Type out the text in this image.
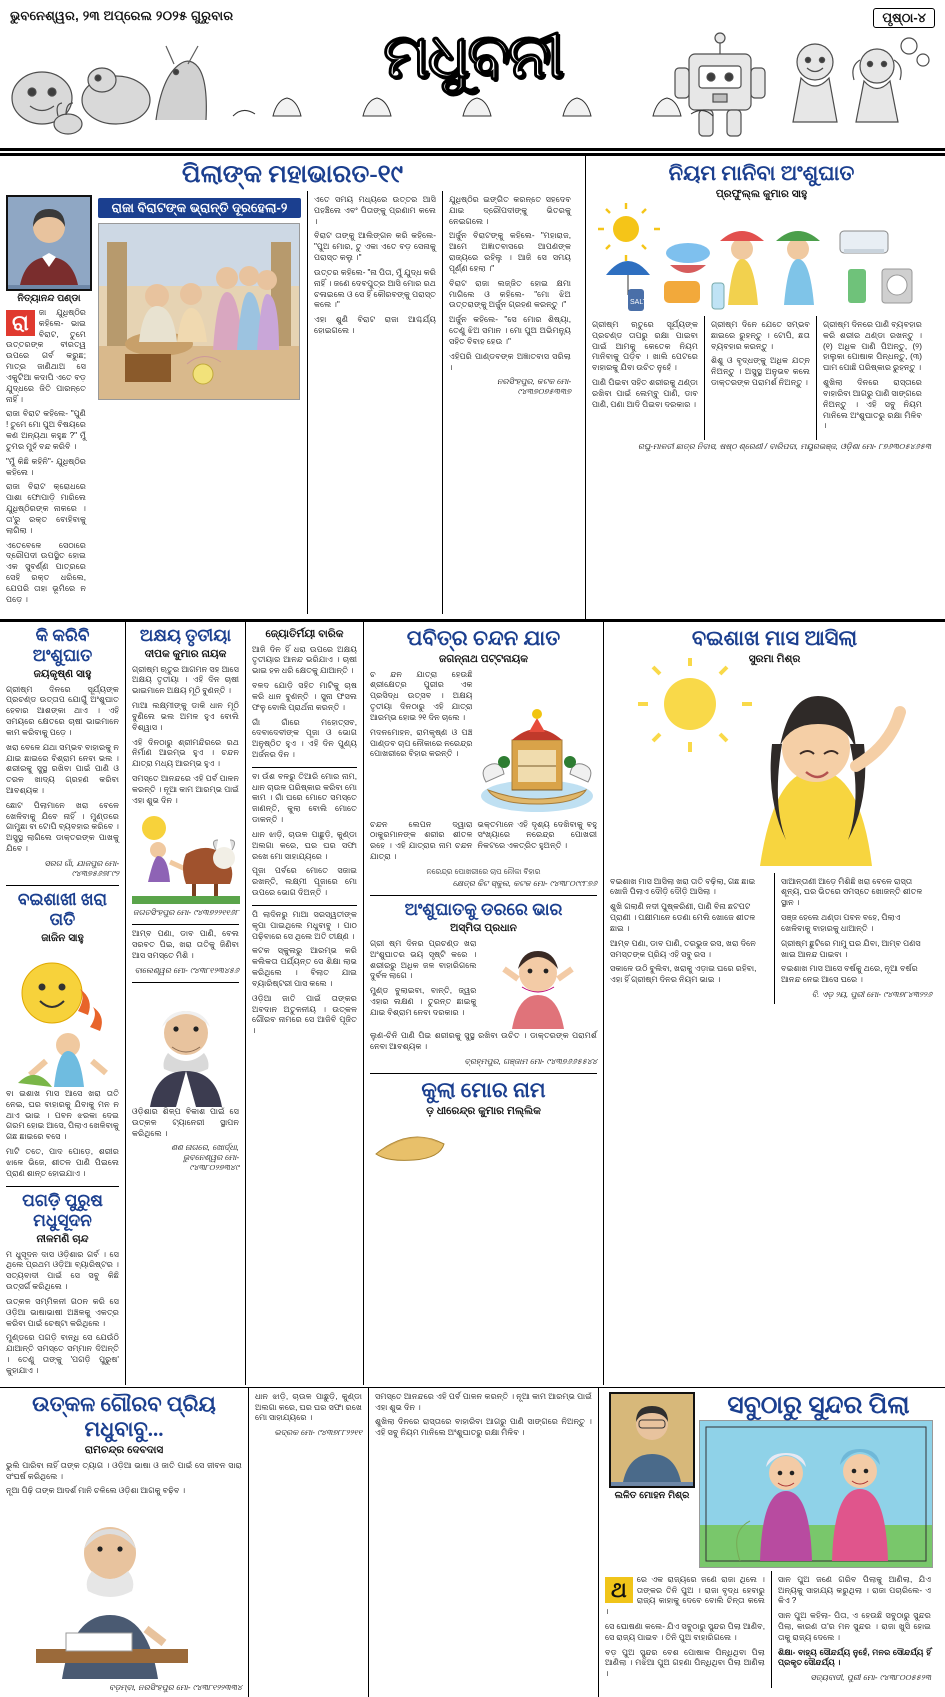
ଭୁବନେଶ୍ୱର, ୨୩ ଅପ୍ରେଲ ୨୦୨୫ ଗୁରୁବାର	ପୃଷ୍ଠା-୪
ମଧୁବନୀ
ପିଲାଙ୍କ ମହାଭାରତ-୧୯
ନିତ୍ୟାନନ୍ଦ ପଣ୍ଡା

ରା	ଜା ଯୁଧିଷ୍ଠିର କହିଲେ- ଭାଇ ବିରାଟ, ତୁମେ ଉତ୍ତରଙ୍କ ବୀରତ୍ୱ ଉପରେ ଗର୍ବ କରୁଛ; ମାତ୍ର ଜାଣିଥାଅ ସେ ଏକୁଟିଆ କଦାପି ଏତେ ବଡ଼ ଯୁଦ୍ଧରେ ଜିତି ପାରନ୍ତେ ନାହିଁ ।

ରାଜା ବିରାଟ କହିଲେ- "ପୁଣି ! ତୁମେ ମୋ ପୁଅ ବିଷୟରେ କଣ ଅନ୍ୟଥା କହୁଛ ?" ମୁଁ ତୁମର ମୁହଁ ବନ୍ଦ କରିବି ।

"ମୁଁ କିଛି କହିନି"- ଯୁଧିଷ୍ଠିର କହିଲେ ।

ରାଜା ବିରାଟ କ୍ରୋଧରେ ପାଶା ଫୋପାଡ଼ି ମାରିଲେ ଯୁଧିଷ୍ଠିରଙ୍କ ନାକରେ । ତା'ରୁ ରକ୍ତ ବୋହିବାକୁ ଲାଗିଲା ।

ଏତେବେଳେ ସେଠାରେ ଦ୍ରୌପଦୀ ଉପସ୍ଥିତ ହୋଇ ଏକ ସୁବର୍ଣ୍ଣ ପାତ୍ରରେ ସେହି ରକ୍ତ ଧରିଲେ, ଯେପରି ତାହା ଭୂମିରେ ନ ପଡ଼େ ।

ରାଜା ବିରାଟଙ୍କ ଭ୍ରାନ୍ତି ଦୂରହେଲା-୨

ଏତେ ସମୟ ମଧ୍ୟରେ ଉତ୍ତର ଆସି ପହଞ୍ଚିଲେ ଏବଂ ପିତାଙ୍କୁ ପ୍ରଣାମ କଲେ ।

ବିରାଟ ତାଙ୍କୁ ଆଲିଙ୍ଗନ କରି କହିଲେ- "ପୁଅ ମୋର, ତୁ ଏକା ଏତେ ବଡ଼ ସେନାକୁ ପରାସ୍ତ କଲୁ ।"

ଉତ୍ତର କହିଲେ- "ନା ପିତା, ମୁଁ ଯୁଦ୍ଧ କରି ନାହିଁ । ଜଣେ ଦେବପୁତ୍ର ଆସି ମୋର ରଥ ଚଳାଇଲେ ଓ ସେ ହିଁ କୌରବଙ୍କୁ ପରାସ୍ତ କଲେ ।"

ଏହା ଶୁଣି ବିରାଟ ରାଜା ଆଶ୍ଚର୍ଯ୍ୟ ହୋଇଗଲେ ।

ଯୁଧିଷ୍ଠିର ଇଙ୍ଗିତ କରନ୍ତେ ସହଦେବ ଯାଇ ଦ୍ରୌପଦୀଙ୍କୁ ଭିତରକୁ ନେଇଗଲେ ।

ଅର୍ଜୁନ ବିରାଟଙ୍କୁ କହିଲେ- "ମହାରାଜ, ଆମେ ଅଜ୍ଞାତବାସରେ ଆପଣଙ୍କ ରାଜ୍ୟରେ ରହିଲୁ । ଆଜି ସେ ସମୟ ପୂର୍ଣ୍ଣ ହେଲା ।"

ବିରାଟ ରାଜା ଲଜ୍ଜିତ ହୋଇ କ୍ଷମା ମାଗିଲେ ଓ କହିଲେ- "ମୋ ଝିଅ ଉତ୍ତରାଙ୍କୁ ଅର୍ଜୁନ ଗ୍ରହଣ କରନ୍ତୁ ।"

ଅର୍ଜୁନ କହିଲେ- "ସେ ମୋର ଶିଷ୍ୟା, ତେଣୁ ଝିଅ ସମାନ । ମୋ ପୁଅ ଅଭିମନ୍ୟୁ ସହିତ ବିବାହ ହେଉ ।"

ଏହିପରି ପାଣ୍ଡବଙ୍କ ଅଜ୍ଞାତବାସ ସରିଲା ।

ନରସିଂହପୁର, କଟକ ମୋ- ୯୪୩୭୦୭୫୩୩୭
ନିୟମ ମାନିବା ଅଂଶୁଘାତ
ପ୍ରଫୁଲ୍ଲ କୁମାର ସାହୁ
SALT

ଗ୍ରୀଷ୍ମ ଋତୁରେ ସୂର୍ଯ୍ୟଙ୍କ ପ୍ରଚଣ୍ଡ ତାପରୁ ରକ୍ଷା ପାଇବା ପାଇଁ ଆମକୁ କେତେକ ନିୟମ ମାନିବାକୁ ପଡ଼ିବ । ଖାଲି ପେଟରେ ବାହାରକୁ ଯିବା ଉଚିତ ନୁହେଁ ।

ପାଣି ପିଇବା ସହିତ ଶରୀରକୁ ଥଣ୍ଡା ରଖିବା ପାଇଁ ଲେମ୍ବୁ ପାଣି, ଡାବ ପାଣି, ପଣା ଆଦି ପିଇବା ଦରକାର ।

ଗ୍ରୀଷ୍ମ ଦିନେ ଯେତେ ସମ୍ଭବ ଛାଇରେ ରୁହନ୍ତୁ । ଟୋପି, ଛତା ବ୍ୟବହାର କରନ୍ତୁ ।

ଶିଶୁ ଓ ବୃଦ୍ଧଙ୍କୁ ଅଧିକ ଯତ୍ନ ନିଅନ୍ତୁ । ଅସୁସ୍ଥ ଅନୁଭବ କଲେ ଡାକ୍ତରଙ୍କ ପରାମର୍ଶ ନିଅନ୍ତୁ ।

ଗ୍ରୀଷ୍ମ ଦିନରେ ପାଣି ବ୍ୟବହାର କରି ଶରୀର ଥଣ୍ଡା ରଖନ୍ତୁ । (୧) ଅଧିକ ପାଣି ପିଅନ୍ତୁ, (୨) ହାଲୁକା ପୋଷାକ ପିନ୍ଧନ୍ତୁ, (୩) ଘାମ ପୋଛି ପରିଷ୍କାର ରୁହନ୍ତୁ ।

ଶୁଖିଲା ଦିନରେ ରାସ୍ତାରେ ବାହାରିବା ଆଗରୁ ପାଣି ସାଙ୍ଗରେ ନିଅନ୍ତୁ । ଏହି ସବୁ ନିୟମ ମାନିଲେ ଅଂଶୁଘାତରୁ ରକ୍ଷା ମିଳିବ ।

ରଘୁ-ମାଳତୀ ଛାତ୍ର ନିବାସ, ଷଷ୍ଠ ଶ୍ରେଣୀ / ବାରିପଦା, ମୟୂରଭଞ୍ଜ, ଓଡ଼ିଶା ମୋ- ୮୭୬୩୦୫୪୬୫୩
କି କରିବି ଅଂଶୁଘାତ
ଜୟକୃଷ୍ଣ ସାହୁ

ଗ୍ରୀଷ୍ମ ଦିନରେ ସୂର୍ଯ୍ୟଙ୍କ ପ୍ରଚଣ୍ଡ ଉତ୍ତାପ ଯୋଗୁଁ ଅଂଶୁଘାତ ହେବାର ଆଶଙ୍କା ଥାଏ । ଏହି ସମୟରେ କ୍ଷେତରେ ଚାଷୀ ଭାଇମାନେ କାମ କରିବାକୁ ପଡ଼େ ।

ଖରା ବେଳେ ଯଥା ସମ୍ଭବ ବାହାରକୁ ନ ଯାଇ ଛାଇରେ ବିଶ୍ରାମ ନେବା ଭଲ । ଶରୀରକୁ ସୁସ୍ଥ ରଖିବା ପାଇଁ ପାଣି ଓ ତରଳ ଖାଦ୍ୟ ଗ୍ରହଣ କରିବା ଆବଶ୍ୟକ ।

ଛୋଟ ପିଲାମାନେ ଖରା ବେଳେ ଖେଳିବାକୁ ଯିବେ ନାହିଁ । ମୁଣ୍ଡରେ ଗାମୁଛା ବା ଟୋପି ବ୍ୟବହାର କରିବେ । ଅସୁସ୍ଥ ଲାଗିଲେ ଡାକ୍ତରଙ୍କ ପାଖକୁ ଯିବେ ।

ସରଗ ଗାଁ, ଯାଜପୁର ମୋ- ୯୪୩୭୫୬୭୮୯୨
ବଇଶାଖୀ ଖରା ତାତି
ଜାଜିନ ସାହୁ

ବା ଇଶାଖ ମାସ ଆସେ ଖରା ତାତି ନେଇ, ଘର ବାହାରକୁ ଯିବାକୁ ମନ ନ ଥାଏ ଭାଇ । ପବନ ଝରକା ଦେଇ ଗରମ ହୋଇ ଆସେ, ପିଲାଏ ଖେଳିବାକୁ ଗଛ ଛାଇରେ ବସେ ।

ମାଟି ତତେ, ପାଦ ପୋଡ଼େ, ଶରୀର ଝାଳେ ଭିଜେ, ଶୀତଳ ପାଣି ପିଇଲେ ପ୍ରାଣ ଶାନ୍ତ ହୋଇଯାଏ ।

ପଗଡ଼ି ପୁରୁଷ ମଧୁସୂଦନ
ନୀଳମଣି ଚାନ୍ଦ

ମ ଧୁସୂଦନ ଦାସ ଓଡ଼ିଶାର ଗର୍ବ । ସେ ଥିଲେ ପ୍ରଥମ ଓଡ଼ିଆ ବ୍ୟାରିଷ୍ଟର । ସତ୍ୟବାଦୀ ପାଇଁ ସେ ସବୁ କିଛି ଉତ୍ସର୍ଗ କରିଥିଲେ ।

ଉତ୍କଳ ସମ୍ମିଳନୀ ଗଠନ କରି ସେ ଓଡ଼ିଆ ଭାଷାଭାଷୀ ଅଞ୍ଚଳକୁ ଏକତ୍ର କରିବା ପାଇଁ ଚେଷ୍ଟା କରିଥିଲେ ।

ମୁଣ୍ଡରେ ପଗଡ଼ି ବାନ୍ଧି ସେ ଯେଉଁଠି ଯାଆନ୍ତି ସମସ୍ତେ ସମ୍ମାନ ଦିଅନ୍ତି । ତେଣୁ ତାଙ୍କୁ 'ପଗଡ଼ି ପୁରୁଷ' କୁହାଯାଏ ।

ଅକ୍ଷୟ ତୃତୀୟା
ଦୀପକ କୁମାର ନାୟକ

ଗ୍ରୀଷ୍ମ ଋତୁର ଆଗମନ ସହ ଆସେ ଅକ୍ଷୟ ତୃତୀୟା । ଏହି ଦିନ ଚାଷୀ ଭାଇମାନେ ଅକ୍ଷୟ ମୂଠି ବୁଣନ୍ତି ।

ମାଆ ଲକ୍ଷ୍ମୀଙ୍କୁ ଡାକି ଧାନ ମୂଠି ବୁଣିଲେ ଭଲ ଅମଳ ହୁଏ ବୋଲି ବିଶ୍ୱାସ ।

ଏହି ଦିନଠାରୁ ଶ୍ରୀମନ୍ଦିରରେ ରଥ ନିର୍ମାଣ ଆରମ୍ଭ ହୁଏ । ଚନ୍ଦନ ଯାତ୍ରା ମଧ୍ୟ ଆରମ୍ଭ ହୁଏ ।

ସମସ୍ତେ ଆନନ୍ଦରେ ଏହି ପର୍ବ ପାଳନ କରନ୍ତି । ନୂଆ କାମ ଆରମ୍ଭ ପାଇଁ ଏହା ଶୁଭ ଦିନ ।

ଜଗତସିଂହପୁର ମୋ- ୯୪୩୭୨୨୧୧୬୮

ଆମ୍ବ ପଣା, ଡାବ ପାଣି, ବେଲ ସରବତ ପିଇ, ଖରା ତାତିକୁ ଜିଣିବା ଆସ ସମସ୍ତେ ମିଶି ।

ବାଲେଶ୍ୱର ମୋ- ୯୪୩୮୧୨୩୪୫୬

ଓଡ଼ିଶାର ଶିଳ୍ପ ବିକାଶ ପାଇଁ ସେ ଉତ୍କଳ ଟ୍ୟାନେରୀ ସ୍ଥାପନ କରିଥିଲେ ।

ଶଶ ନାଗରେ, ଖୋର୍ଦ୍ଧା, ଭୁବନେଶ୍ୱର ମୋ- ୯୪୩୮୦୨୭୩୪୯
ଜ୍ୟୋତିର୍ମୟୀ ବାରିକ

ଆଜି ଦିନ ହିଁ ଧରା ଉପରେ ଅକ୍ଷୟ ତୃତୀୟାର ଆନନ୍ଦ ଭରିଯାଏ । ଚାଷୀ ଭାଇ ହଳ ଧରି କ୍ଷେତକୁ ଯାଆନ୍ତି ।

ବଳଦ ଯୋଡ଼ି ସହିତ ମାଟିକୁ ଚାଷ କରି ଧାନ ବୁଣନ୍ତି । ସୁନା ଫସଲ ଫଳୁ ବୋଲି ପ୍ରାର୍ଥନା କରନ୍ତି ।

ଗାଁ ଗାଁରେ ମହୋତ୍ସବ, ଦେବାଦେବୀଙ୍କ ପୂଜା ଓ ଭୋଗ ଅନୁଷ୍ଠିତ ହୁଏ । ଏହି ଦିନ ପୁଣ୍ୟ ଅର୍ଜନର ଦିନ ।

ବା ଉଁଶ ବଳରୁ ତିଆରି ମୋର ନାମ, ଧାନ ଚାଉଳ ପରିଷ୍କାର କରିବା ମୋ କାମ । ଗାଁ ଘରେ ମୋତେ ସମସ୍ତେ ଜାଣନ୍ତି, କୁଲା ବୋଲି ମୋତେ ଡାକନ୍ତି ।

ଧାନ ଝାଡ଼ି, ଚାଉଳ ପାଛୁଡ଼ି, କୁଣ୍ଡା ଅଲଗା କରେ, ଘର ଘର ସଫା ରଖେ ମୋ ସାହାଯ୍ୟରେ ।

ପୂଜା ପର୍ବରେ ମୋତେ ସଜାଇ ରଖନ୍ତି, ଲକ୍ଷ୍ମୀ ପୂଜାରେ ମୋ ଉପରେ ଭୋଗ ଦିଅନ୍ତି ।

ପି ଲାଦିନରୁ ମାଆ ସରସ୍ୱତୀଙ୍କ କୃପା ପାଇଥିଲେ ମଧୁବାବୁ । ପାଠ ପଢ଼ିବାରେ ସେ ଥିଲେ ଅତି ତୀକ୍ଷ୍ଣ ।

କଟକ ସ୍କୁଲରୁ ଆରମ୍ଭ କରି କଲିକତା ପର୍ଯ୍ୟନ୍ତ ସେ ଶିକ୍ଷା ଲାଭ କରିଥିଲେ । ବିଲାତ ଯାଇ ବ୍ୟାରିଷ୍ଟରୀ ପାସ କଲେ ।

ଓଡ଼ିଆ ଜାତି ପାଇଁ ତାଙ୍କର ଅବଦାନ ଅତୁଳନୀୟ । ଉତ୍କଳ ଗୌରବ ନାମରେ ସେ ଆଜିବି ପୂଜିତ ।

ପବିତ୍ର ଚନ୍ଦନ ଯାତ
ଜଗନ୍ନାଥ ପଟ୍ଟନାୟକ

ଚ ନ୍ଦନ ଯାତ୍ରା ହେଉଛି ଶ୍ରୀକ୍ଷେତ୍ର ପୁରୀର ଏକ ପ୍ରସିଦ୍ଧ ଉତ୍ସବ । ଅକ୍ଷୟ ତୃତୀୟା ଦିନଠାରୁ ଏହି ଯାତ୍ରା ଆରମ୍ଭ ହୋଇ ୨୧ ଦିନ ଚାଲେ ।

ମଦନମୋହନ, ରାମକୃଷ୍ଣ ଓ ପଞ୍ଚ ପାଣ୍ଡବ ଚାପ ନୌକାରେ ନରେନ୍ଦ୍ର ପୋଖରୀରେ ବିହାର କରନ୍ତି ।

ଚନ୍ଦନ ଲେପନ ଦ୍ୱାରା ଠାକୁରମାନଙ୍କ ଶରୀର ଶୀତଳ ରହେ । ଏହି ଯାତ୍ରାର ନାମ ଚନ୍ଦନ ଯାତ୍ରା ।

ଭକ୍ତମାନେ ଏହି ଦୃଶ୍ୟ ଦେଖିବାକୁ ବହୁ ସଂଖ୍ୟାରେ ନରେନ୍ଦ୍ର ପୋଖରୀ ନିକଟରେ ଏକତ୍ରିତ ହୁଅନ୍ତି ।

ନରେନ୍ଦ୍ର ପୋଖରୀରେ ଚାପ ନୌକା ବିହାର
କ୍ଷେତ୍ର କିଟ ସ୍କୁଲ, କଟକ ମୋ- ୯୪୩୮୦୯୯୮୭୬
ଅଂଶୁଘାତକୁ ଡରରେ ଭାର
ଅସ୍ମିତା ପ୍ରଧାନ

ଗ୍ରୀ ଷ୍ମ ଦିନର ପ୍ରଚଣ୍ଡ ଖରା ଅଂଶୁଘାତର ଭୟ ସୃଷ୍ଟି କରେ । ଶରୀରରୁ ଅଧିକ ଜଳ ବାହାରିଗଲେ ଦୁର୍ବଳ ଲାଗେ ।

ମୁଣ୍ଡ ବୁଲାଇବା, ବାନ୍ତି, ଜ୍ୱର ଏହାର ଲକ୍ଷଣ । ତୁରନ୍ତ ଛାଇକୁ ଯାଇ ବିଶ୍ରାମ ନେବା ଦରକାର ।

ଲୁଣ-ଚିନି ପାଣି ପିଇ ଶରୀରକୁ ସୁସ୍ଥ ରଖିବା ଉଚିତ । ଡାକ୍ତରଙ୍କ ପରାମର୍ଶ ନେବା ଆବଶ୍ୟକ ।

ବ୍ରହ୍ମପୁର, ଗଞ୍ଜାମ ମୋ- ୯୪୩୭୬୬୫୫୪୪
କୁଲା ମୋର ନାମ
ଡ଼ ଧୀରେନ୍ଦ୍ର କୁମାର ମଲ୍ଲିକ
ବଇଶାଖ ମାସ ଆସିଲା
ସୁରମା ମିଶ୍ର

ବଇଶାଖ ମାସ ଆସିଲା ଖରା ତାତି ବଢ଼ିଲା, ଗଛ ଛାଇ ଖୋଜି ପିଲାଏ ଦୌଡ଼ି ଦୌଡ଼ି ଆସିଲା ।

ଶୁଖି ଗଲାଣି ନଦୀ ପୁଷ୍କରିଣୀ, ପାଣି ବିନା ଛଟପଟ ପ୍ରାଣୀ । ପକ୍ଷୀମାନେ ଡେଣା ମେଲି ଖୋଜେ ଶୀତଳ ଛାଇ ।

ଆମ୍ବ ପଣା, ଡାବ ପାଣି, ତରଭୁଜ ରସ, ଖରା ଦିନେ ସମସ୍ତଙ୍କ ପ୍ରିୟ ଏହି ସବୁ ରସ ।

ସକାଳେ ଉଠି ବୁଲିବା, ଖରାକୁ ଏଡ଼ାଇ ଘରେ ରହିବା, ଏହା ହିଁ ଗ୍ରୀଷ୍ମ ଦିନର ନିୟମ ଭାଇ ।

ସାଆନ୍ତାଣୀ ଆଡ଼େ ମିଶିଛି ଖରା ବେଳେ ରାସ୍ତା ଶୂନ୍ୟ, ଘର ଭିତରେ ସମସ୍ତେ ଖୋଜନ୍ତି ଶୀତଳ ସ୍ଥାନ ।

ସଞ୍ଜ ହେଲେ ଥଣ୍ଡା ପବନ ବହେ, ପିଲାଏ ଖେଳିବାକୁ ବାହାରକୁ ଧାଆନ୍ତି ।

ଗ୍ରୀଷ୍ମ ଛୁଟିରେ ମାମୁ ଘର ଯିବା, ଆମ୍ବ ପଣସ ଖାଇ ଆନନ୍ଦ ପାଇବା ।

ବଇଶାଖ ମାସ ଆସେ ବର୍ଷକୁ ଥରେ, ନୂଆ ବର୍ଷର ଆନନ୍ଦ ନେଇ ଆସେ ଘରେ ।

ବି. ଏଡ଼ ୨ୟ, ପୁରୀ ମୋ- ୯୪୩୭୮୪୩୨୨୬
ଉତ୍କଳ ଗୌରବ ପ୍ରିୟ ମଧୁବାବୁ...
ରାମଚନ୍ଦ୍ର ଦେବଦାସ

ଭୁଲି ପାରିବା ନାହିଁ ତାଙ୍କ ତ୍ୟାଗ । ଓଡ଼ିଆ ଭାଷା ଓ ଜାତି ପାଇଁ ସେ ଜୀବନ ସାରା ସଂଘର୍ଷ କରିଥିଲେ ।

ନୂଆ ପିଢ଼ି ତାଙ୍କ ଆଦର୍ଶ ମାନି ଚଳିଲେ ଓଡ଼ିଶା ଆଗକୁ ବଢ଼ିବ ।

ବଡ଼ମ୍ବା, ନରସିଂହପୁର ମୋ- ୯୪୩୮୧୨୨୩୩୪

ଧାନ ଝାଡ଼ି, ଚାଉଳ ପାଛୁଡ଼ି, କୁଣ୍ଡା ଅଲଗା କରେ, ଘର ଘର ସଫା ରଖେ ମୋ ସାହାଯ୍ୟରେ ।

ଭଦ୍ରକ ମୋ- ୯୪୩୭୮୮୨୨୧୧

ସମସ୍ତେ ଆନନ୍ଦରେ ଏହି ପର୍ବ ପାଳନ କରନ୍ତି । ନୂଆ କାମ ଆରମ୍ଭ ପାଇଁ ଏହା ଶୁଭ ଦିନ ।

ଶୁଖିଲା ଦିନରେ ରାସ୍ତାରେ ବାହାରିବା ଆଗରୁ ପାଣି ସାଙ୍ଗରେ ନିଅନ୍ତୁ । ଏହି ସବୁ ନିୟମ ମାନିଲେ ଅଂଶୁଘାତରୁ ରକ୍ଷା ମିଳିବ ।

ଲଳିତ ମୋହନ ମିଶ୍ର
ସବୁଠାରୁ ସୁନ୍ଦର ପିଲା

ଥ	ରେ ଏକ ରାଜ୍ୟରେ ଜଣେ ରାଜା ଥିଲେ । ତାଙ୍କର ତିନି ପୁଅ । ରାଜା ବୃଦ୍ଧ ହେବାରୁ ରାଜ୍ୟ କାହାକୁ ଦେବେ ବୋଲି ଚିନ୍ତା କଲେ ।

ସେ ଘୋଷଣା କଲେ- ଯିଏ ସବୁଠାରୁ ସୁନ୍ଦର ପିଲା ଆଣିବ, ସେ ରାଜ୍ୟ ପାଇବ । ତିନି ପୁଅ ବାହାରିଗଲେ ।

ବଡ଼ ପୁଅ ସୁନ୍ଦର ବେଶ ପୋଷାକ ପିନ୍ଧିଥିବା ପିଲା ଆଣିଲା । ମଝିଆ ପୁଅ ଗହଣା ପିନ୍ଧିଥିବା ପିଲା ଆଣିଲା ।

ସାନ ପୁଅ ଜଣେ ଗରିବ ପିଲାକୁ ଆଣିଲା, ଯିଏ ଅନ୍ୟକୁ ସାହାଯ୍ୟ କରୁଥିଲା । ରାଜା ପଚାରିଲେ- ଏ କିଏ ?

ସାନ ପୁଅ କହିଲା- ପିତା, ଏ ହେଉଛି ସବୁଠାରୁ ସୁନ୍ଦର ପିଲା, କାରଣ ତା'ର ମନ ସୁନ୍ଦର । ରାଜା ଖୁସି ହୋଇ ତାକୁ ରାଜ୍ୟ ଦେଲେ ।

ଶିକ୍ଷା- ବାହ୍ୟ ସୌନ୍ଦର୍ଯ୍ୟ ନୁହେଁ, ମନର ସୌନ୍ଦର୍ଯ୍ୟ ହିଁ ପ୍ରକୃତ ସୌନ୍ଦର୍ଯ୍ୟ ।

ସତ୍ୟବାଦୀ, ପୁରୀ ମୋ- ୯୪୩୮୦୦୫୫୨୩
